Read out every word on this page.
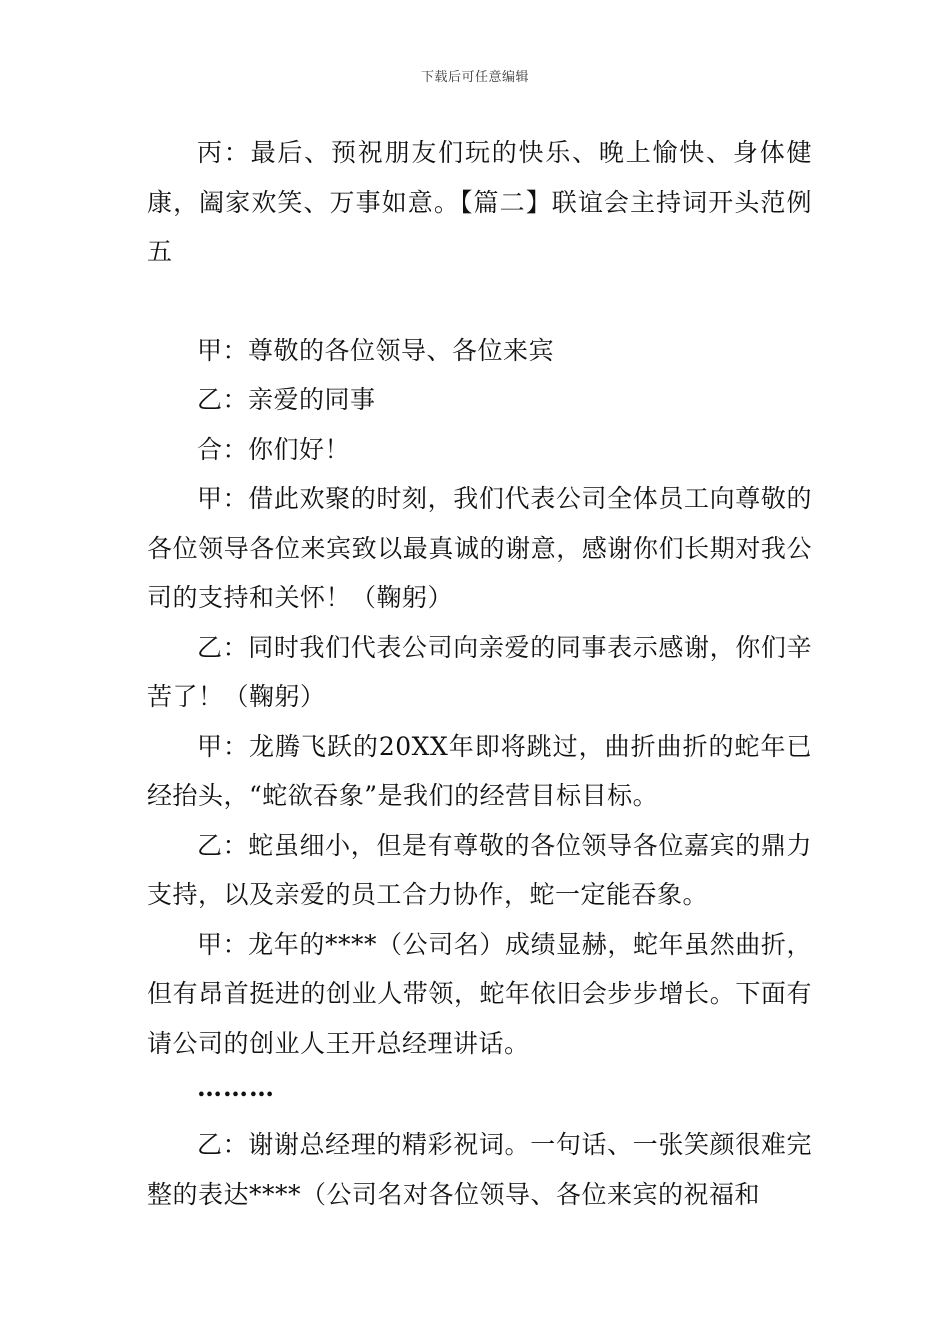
下载后可任意编辑

丙：最后、预祝朋友们玩的快乐、晚上愉快、身体健康，阖家欢笑、万事如意。【篇二】联谊会主持词开头范例五

甲：尊敬的各位领导、各位来宾

乙：亲爱的同事

合：你们好！

甲：借此欢聚的时刻，我们代表公司全体员工向尊敬的各位领导各位来宾致以最真诚的谢意，感谢你们长期对我公司的支持和关怀！（鞠躬）

乙：同时我们代表公司向亲爱的同事表示感谢，你们辛苦了！（鞠躬）

甲：龙腾飞跃的20XX年即将跳过，曲折曲折的蛇年已经抬头，“蛇欲吞象”是我们的经营目标目标。

乙：蛇虽细小，但是有尊敬的各位领导各位嘉宾的鼎力支持，以及亲爱的员工合力协作，蛇一定能吞象。

甲：龙年的****（公司名）成绩显赫，蛇年虽然曲折，但有昂首挺进的创业人带领，蛇年依旧会步步增长。下面有请公司的创业人王开总经理讲话。

………

乙：谢谢总经理的精彩祝词。一句话、一张笑颜很难完整的表达****（公司名对各位领导、各位来宾的祝福和
